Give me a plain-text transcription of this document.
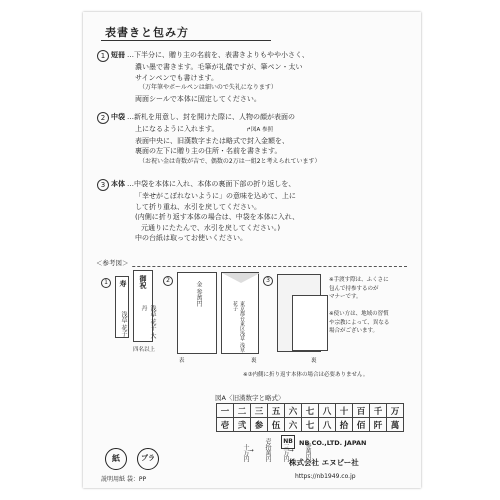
表書きと包み方
1 短冊 …下半分に、贈り主の名前を、表書きよりもやや小さく、
濃い墨で書きます。毛筆が礼儀ですが、筆ペン・太い
サインペンでも書けます。
（万年筆やボールペンは細いので失礼になります）
両面シールで本体に固定してください。
2 中袋 …新札を用意し、封を開けた際に、人物の顔が表面の
上になるように入れます。	↱図A 参照
表面中央に、旧漢数字または略式で封入金額を、
裏面の左下に贈り主の住所・名前を書きます。
（お祝い金は奇数が吉で、偶数の2万は一組2と考えられています）
3 本体 …中袋を本体に入れ、本体の裏面下部の折り返しを、
「幸せがこぼれないように」の意味を込めて、上に
して折り重ね、水引を戻してください。
(内側に折り返す本体の場合は、中袋を本体に入れ、
元通りにたたんで、水引を戻してください。)
中の台紙は取ってお使いください。
＜参考図＞
1	寿
浅草 花子
御祝
浅草 花子 大 丹
四名以上
2
金 参萬円
表
東京都台東区浅草 浅草花子
裏
3
裏
※手渡す際は、ふくさに
包んで持参するのが
マナーです。

※使い方は、地域の習慣
や宗教によって、異なる
場合がございます。
※③内側に折り返す本体の場合は必要ありません。
図A〈旧漢数字と略式〉
一	二	三	五	六	七	八	十	百	千	万
壱	弐	参	伍	六	七	八	拾	佰	阡	萬
十万円 → 壱拾萬円 三万円 → 参萬円
紙	プラ
説明用紙 袋：PP
NB NB CO.,LTD. JAPAN
株式会社 エヌビー社
https://nb1949.co.jp
